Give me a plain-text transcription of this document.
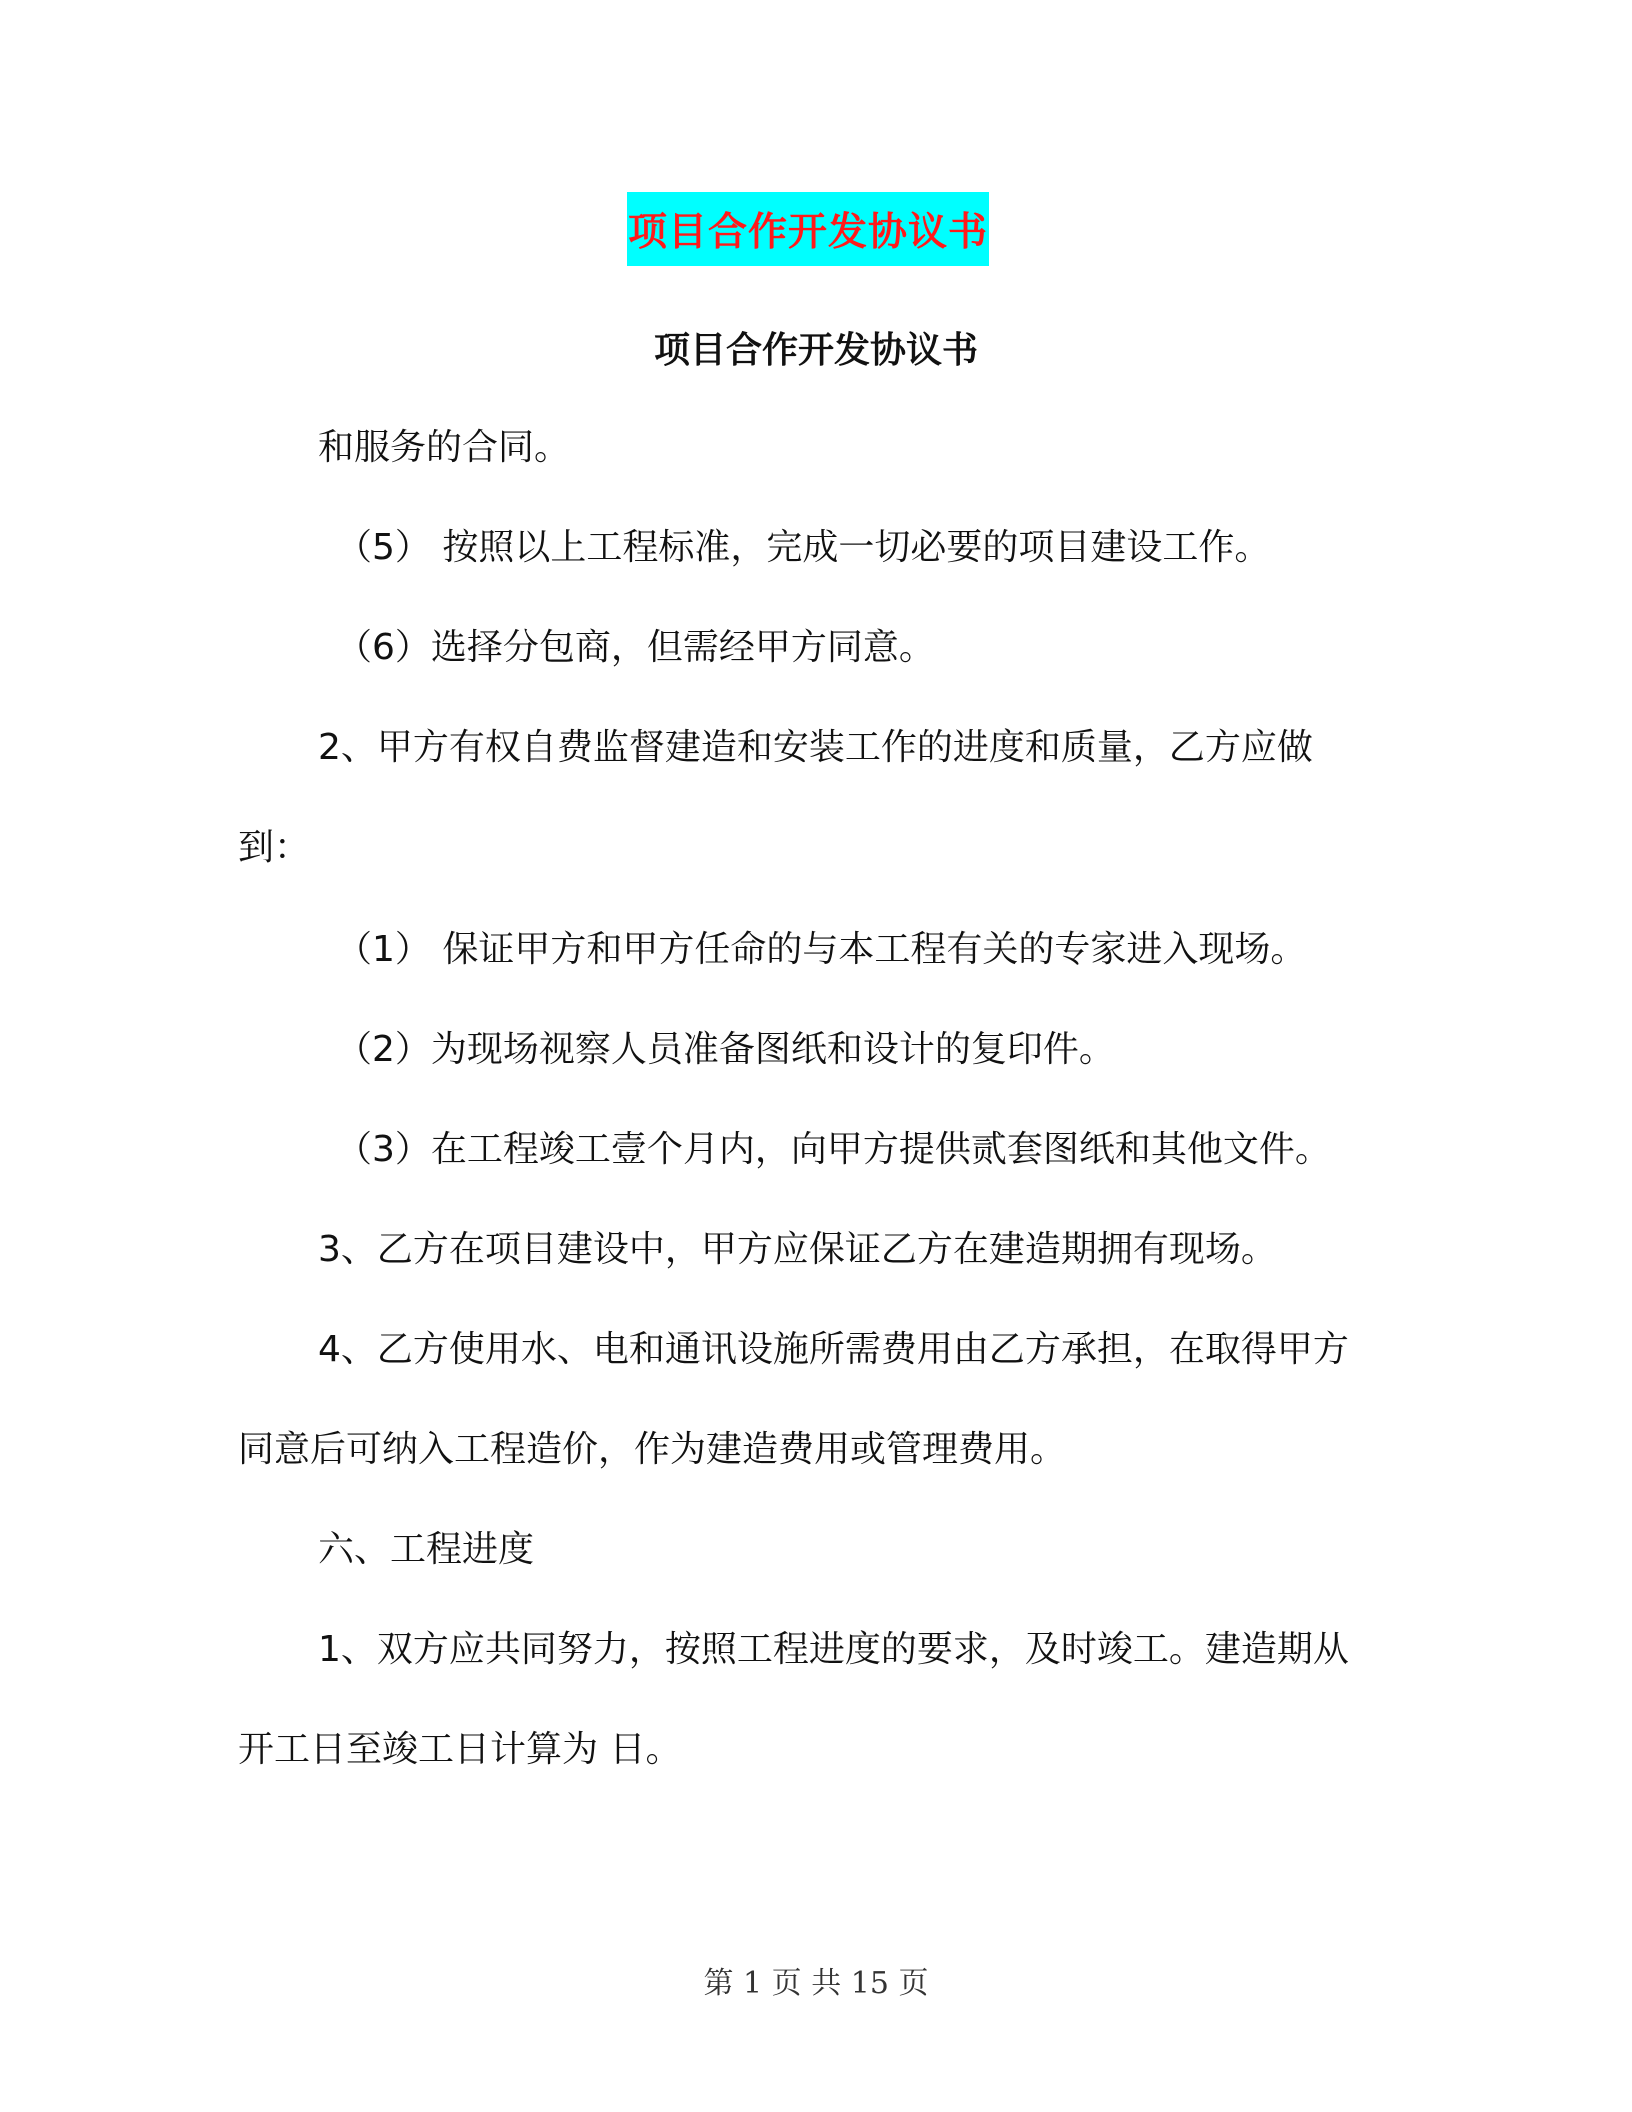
项目合作开发协议书
项目合作开发协议书
和服务的合同。
（5） 按照以上工程标准，完成一切必要的项目建设工作。
（6）选择分包商，但需经甲方同意。
2、甲方有权自费监督建造和安装工作的进度和质量，乙方应做
到：
（1） 保证甲方和甲方任命的与本工程有关的专家进入现场。
（2）为现场视察人员准备图纸和设计的复印件。
（3）在工程竣工壹个月内，向甲方提供贰套图纸和其他文件。
3、乙方在项目建设中，甲方应保证乙方在建造期拥有现场。
4、乙方使用水、电和通讯设施所需费用由乙方承担，在取得甲方
同意后可纳入工程造价，作为建造费用或管理费用。
六、工程进度
1、双方应共同努力，按照工程进度的要求，及时竣工。建造期从
开工日至竣工日计算为 日。
第 1 页 共 15 页
